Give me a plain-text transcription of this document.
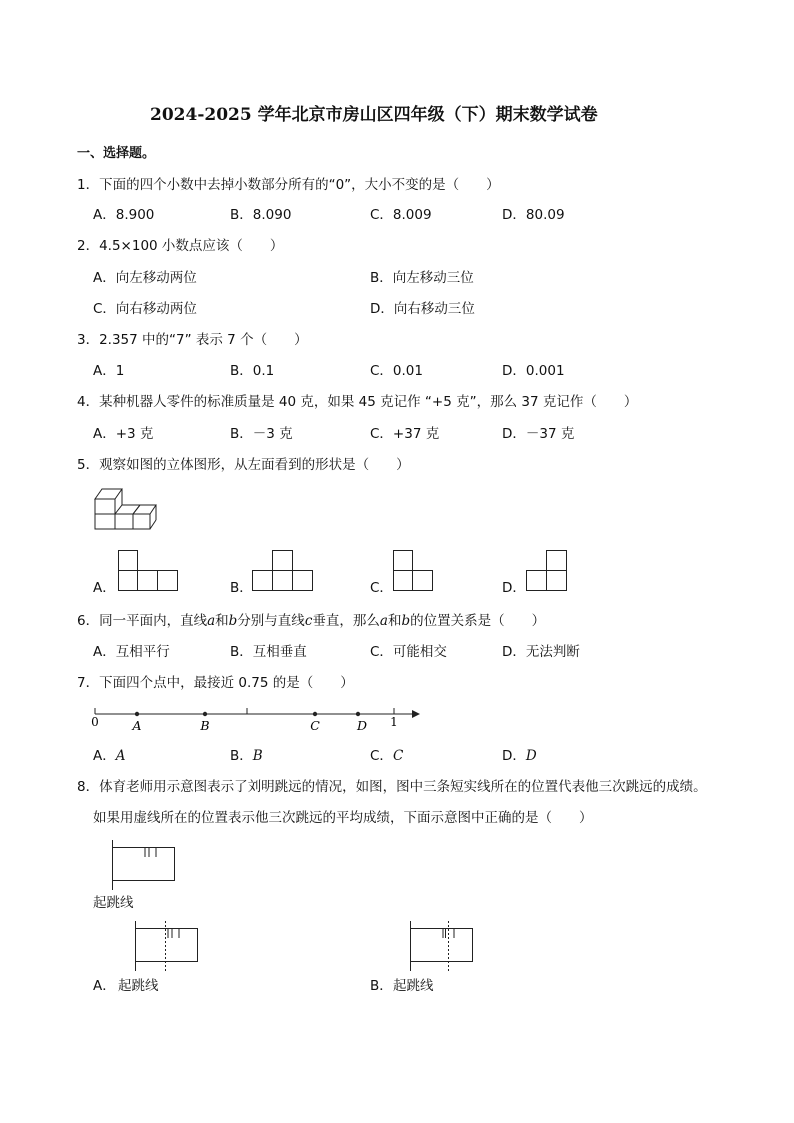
2024-2025 学年北京市房山区四年级（下）期末数学试卷
一、选择题。
1．下面的四个小数中去掉小数部分所有的“0”，大小不变的是（　　）
A．8.900	B．8.090	C．8.009	D．80.09
2．4.5×100 小数点应该（　　）
A．向左移动两位	B．向左移动三位
C．向右移动两位	D．向右移动三位
3．2.357 中的“7” 表示 7 个（　　）
A．1	B．0.1	C．0.01	D．0.001
4．某种机器人零件的标准质量是 40 克，如果 45 克记作 “+5 克”，那么 37 克记作（　　）
A．+3 克	B．－3 克	C．+37 克	D．－37 克
5．观察如图的立体图形，从左面看到的形状是（　　）
A．	B．	C．	D．
6．同一平面内，直线a和b分别与直线c垂直，那么a和b的位置关系是（　　）
A．互相平行	B．互相垂直	C．可能相交	D．无法判断
7．下面四个点中，最接近 0.75 的是（　　）
0	1
A	B	C	D
A．A	B．B	C．C	D．D
8．体育老师用示意图表示了刘明跳远的情况，如图，图中三条短实线所在的位置代表他三次跳远的成绩。
如果用虚线所在的位置表示他三次跳远的平均成绩，下面示意图中正确的是（　　）
起跳线
A． 起跳线	B． 起跳线
